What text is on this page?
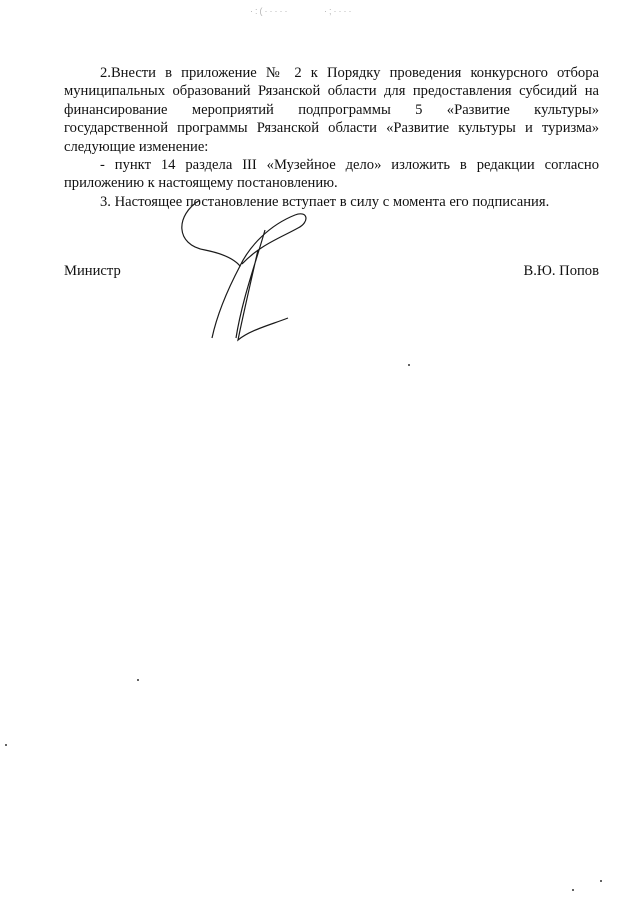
·:(·····	·;····

2.Внести в приложение № 2 к Порядку проведения конкурсного отбора муниципальных образований Рязанской области для предоставления субсидий на финансирование мероприятий подпрограммы 5 «Развитие культуры» государственной программы Рязанской области «Развитие культуры и туризма» следующие изменение:

- пункт 14 раздела III «Музейное дело» изложить в редакции согласно приложению к настоящему постановлению.

3. Настоящее постановление вступает в силу с момента его подписания.

Министр	В.Ю. Попов
